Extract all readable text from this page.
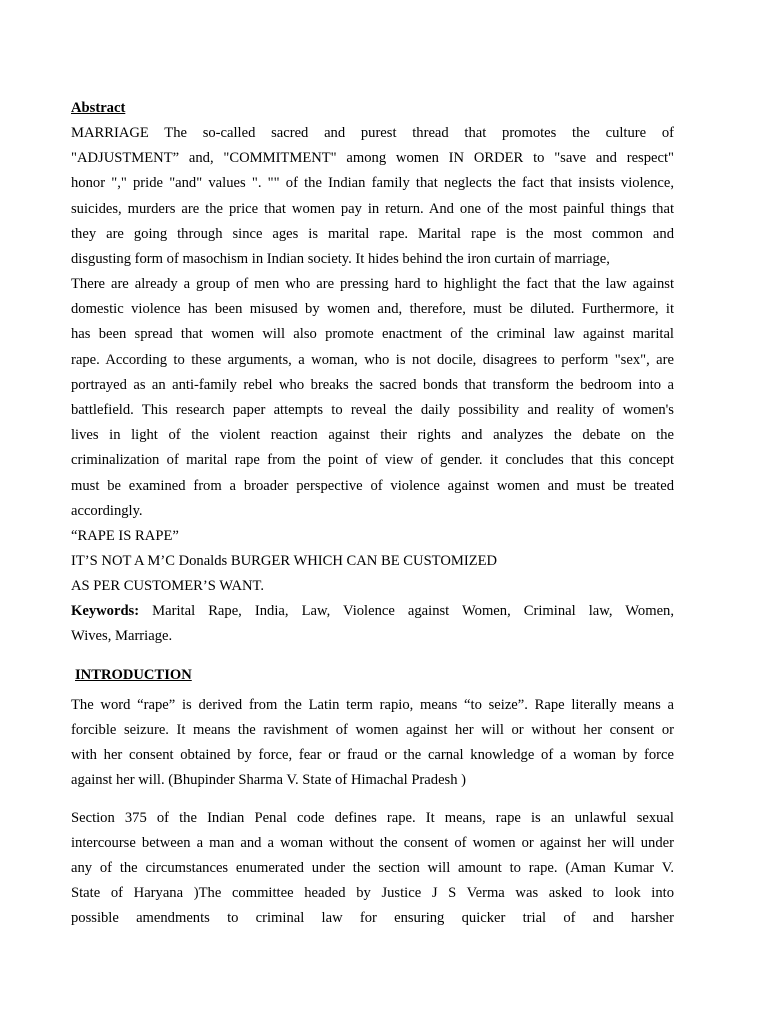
Abstract
MARRIAGE The so-called sacred and purest thread that promotes the culture of
"ADJUSTMENT” and, "COMMITMENT" among women IN ORDER to "save and respect"
honor "," pride "and" values ". "" of the Indian family that neglects the fact that insists violence,
suicides, murders are the price that women pay in return. And one of the most painful things that
they are going through since ages is marital rape. Marital rape is the most common and
disgusting form of masochism in Indian society. It hides behind the iron curtain of marriage,
There are already a group of men who are pressing hard to highlight the fact that the law against
domestic violence has been misused by women and, therefore, must be diluted. Furthermore, it
has been spread that women will also promote enactment of the criminal law against marital
rape. According to these arguments, a woman, who is not docile, disagrees to perform "sex", are
portrayed as an anti-family rebel who breaks the sacred bonds that transform the bedroom into a
battlefield. This research paper attempts to reveal the daily possibility and reality of women's
lives in light of the violent reaction against their rights and analyzes the debate on the
criminalization of marital rape from the point of view of gender. it concludes that this concept
must be examined from a broader perspective of violence against women and must be treated
accordingly.
“RAPE IS RAPE”
IT’S NOT A M’C Donalds BURGER WHICH CAN BE CUSTOMIZED
AS PER CUSTOMER’S WANT.
Keywords: Marital Rape, India, Law, Violence against Women, Criminal law, Women,
Wives, Marriage.
INTRODUCTION
The word “rape” is derived from the Latin term rapio, means “to seize”. Rape literally means a
forcible seizure. It means the ravishment of women against her will or without her consent or
with her consent obtained by force, fear or fraud or the carnal knowledge of a woman by force
against her will. (Bhupinder Sharma V. State of Himachal Pradesh )
Section 375 of the Indian Penal code defines rape. It means, rape is an unlawful sexual
intercourse between a man and a woman without the consent of women or against her will under
any of the circumstances enumerated under the section will amount to rape. (Aman Kumar V.
State of Haryana )The committee headed by Justice J S Verma was asked to look into
possible amendments to criminal law for ensuring quicker trial of and harsher
